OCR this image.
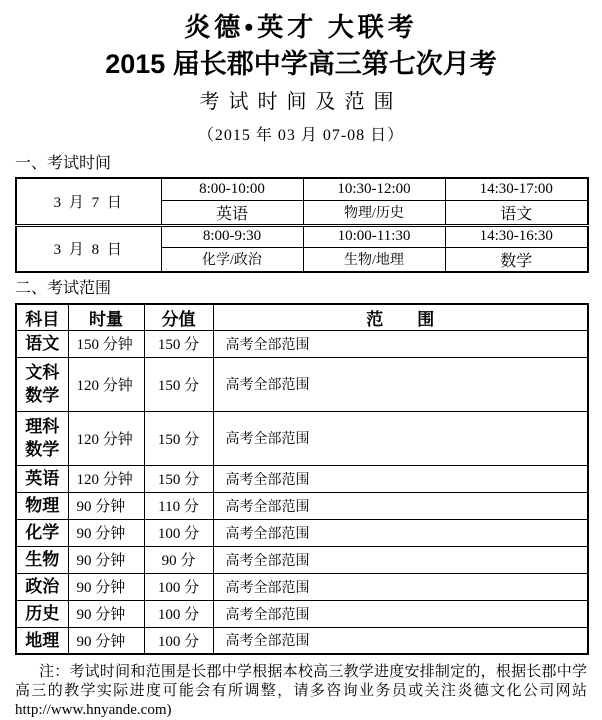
炎德•英才 大联考
2015 届长郡中学高三第七次月考
考试时间及范围
（2015 年 03 月 07-08 日）
一、考试时间
3 月 7 日	8:00-10:00	10:30-12:00	14:30-17:00
	英语	物理/历史	语文
3 月 8 日	8:00-9:30	10:00-11:30	14:30-16:30
	化学/政治	生物/地理	数学
二、考试范围
科目	时量	分值	范　　围
语文	150 分钟	150 分	高考全部范围
文科数学	120 分钟	150 分	高考全部范围
理科数学	120 分钟	150 分	高考全部范围
英语	120 分钟	150 分	高考全部范围
物理	90 分钟	110 分	高考全部范围
化学	90 分钟	100 分	高考全部范围
生物	90 分钟	90 分	高考全部范围
政治	90 分钟	100 分	高考全部范围
历史	90 分钟	100 分	高考全部范围
地理	90 分钟	100 分	高考全部范围

注：考试时间和范围是长郡中学根据本校高三教学进度安排制定的，根据长郡中学高三的教学实际进度可能会有所调整，请多咨询业务员或关注炎德文化公司网站http://www.hnyande.com)
